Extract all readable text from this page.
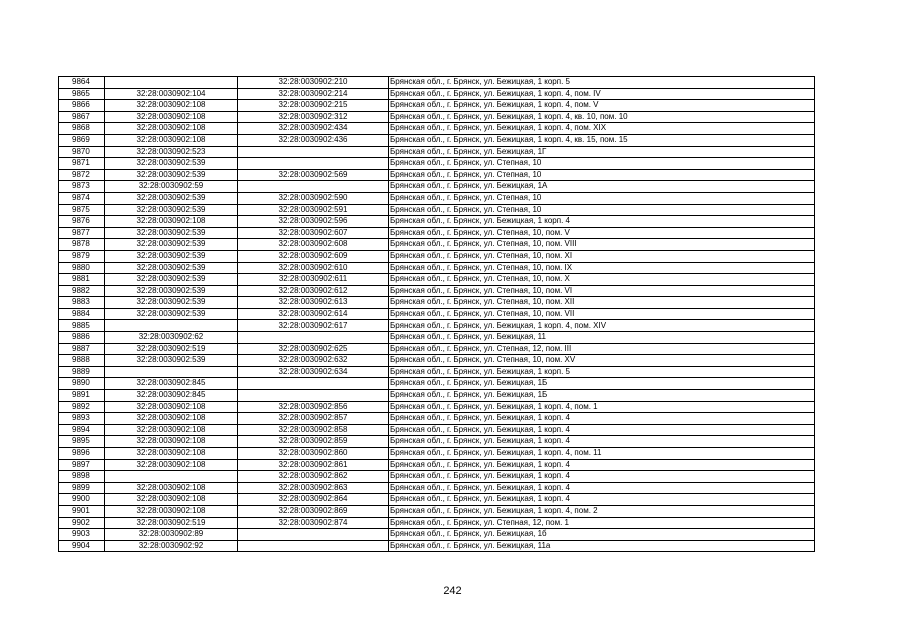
9864		32:28:0030902:210	Брянская обл., г. Брянск, ул. Бежицкая, 1 корп. 5
9865	32:28:0030902:104	32:28:0030902:214	Брянская обл., г. Брянск, ул. Бежицкая, 1 корп. 4, пом. IV
9866	32:28:0030902:108	32:28:0030902:215	Брянская обл., г. Брянск, ул. Бежицкая, 1 корп. 4, пом. V
9867	32:28:0030902:108	32:28:0030902:312	Брянская обл., г. Брянск, ул. Бежицкая, 1 корп. 4, кв. 10, пом. 10
9868	32:28:0030902:108	32:28:0030902:434	Брянская обл., г. Брянск, ул. Бежицкая, 1 корп. 4, пом. XIX
9869	32:28:0030902:108	32:28:0030902:436	Брянская обл., г. Брянск, ул. Бежицкая, 1 корп. 4, кв. 15, пом. 15
9870	32:28:0030902:523		Брянская обл., г. Брянск, ул. Бежицкая, 1Г
9871	32:28:0030902:539		Брянская обл., г. Брянск, ул. Степная, 10
9872	32:28:0030902:539	32:28:0030902:569	Брянская обл., г. Брянск, ул. Степная, 10
9873	32:28:0030902:59		Брянская обл., г. Брянск, ул. Бежицкая, 1А
9874	32:28:0030902:539	32:28:0030902:590	Брянская обл., г. Брянск, ул. Степная, 10
9875	32:28:0030902:539	32:28:0030902:591	Брянская обл., г. Брянск, ул. Степная, 10
9876	32:28:0030902:108	32:28:0030902:596	Брянская обл., г. Брянск, ул. Бежицкая, 1 корп. 4
9877	32:28:0030902:539	32:28:0030902:607	Брянская обл., г. Брянск, ул. Степная, 10, пом. V
9878	32:28:0030902:539	32:28:0030902:608	Брянская обл., г. Брянск, ул. Степная, 10, пом. VIII
9879	32:28:0030902:539	32:28:0030902:609	Брянская обл., г. Брянск, ул. Степная, 10, пом. XI
9880	32:28:0030902:539	32:28:0030902:610	Брянская обл., г. Брянск, ул. Степная, 10, пом. IX
9881	32:28:0030902:539	32:28:0030902:611	Брянская обл., г. Брянск, ул. Степная, 10, пом. X
9882	32:28:0030902:539	32:28:0030902:612	Брянская обл., г. Брянск, ул. Степная, 10, пом. VI
9883	32:28:0030902:539	32:28:0030902:613	Брянская обл., г. Брянск, ул. Степная, 10, пом. XII
9884	32:28:0030902:539	32:28:0030902:614	Брянская обл., г. Брянск, ул. Степная, 10, пом. VII
9885		32:28:0030902:617	Брянская обл., г. Брянск, ул. Бежицкая, 1 корп. 4, пом. XIV
9886	32:28:0030902:62		Брянская обл., г. Брянск, ул. Бежицкая, 11
9887	32:28:0030902:519	32:28:0030902:625	Брянская обл., г. Брянск, ул. Степная, 12, пом. III
9888	32:28:0030902:539	32:28:0030902:632	Брянская обл., г. Брянск, ул. Степная, 10, пом. XV
9889		32:28:0030902:634	Брянская обл., г. Брянск, ул. Бежицкая, 1 корп. 5
9890	32:28:0030902:845		Брянская обл., г. Брянск, ул. Бежицкая, 1Б
9891	32:28:0030902:845		Брянская обл., г. Брянск, ул. Бежицкая, 1Б
9892	32:28:0030902:108	32:28:0030902:856	Брянская обл., г. Брянск, ул. Бежицкая, 1 корп. 4, пом. 1
9893	32:28:0030902:108	32:28:0030902:857	Брянская обл., г. Брянск, ул. Бежицкая, 1 корп. 4
9894	32:28:0030902:108	32:28:0030902:858	Брянская обл., г. Брянск, ул. Бежицкая, 1 корп. 4
9895	32:28:0030902:108	32:28:0030902:859	Брянская обл., г. Брянск, ул. Бежицкая, 1 корп. 4
9896	32:28:0030902:108	32:28:0030902:860	Брянская обл., г. Брянск, ул. Бежицкая, 1 корп. 4, пом. 11
9897	32:28:0030902:108	32:28:0030902:861	Брянская обл., г. Брянск, ул. Бежицкая, 1 корп. 4
9898		32:28:0030902:862	Брянская обл., г. Брянск, ул. Бежицкая, 1 корп. 4
9899	32:28:0030902:108	32:28:0030902:863	Брянская обл., г. Брянск, ул. Бежицкая, 1 корп. 4
9900	32:28:0030902:108	32:28:0030902:864	Брянская обл., г. Брянск, ул. Бежицкая, 1 корп. 4
9901	32:28:0030902:108	32:28:0030902:869	Брянская обл., г. Брянск, ул. Бежицкая, 1 корп. 4, пом. 2
9902	32:28:0030902:519	32:28:0030902:874	Брянская обл., г. Брянск, ул. Степная, 12, пом. 1
9903	32:28:0030902:89		Брянская обл., г. Брянск, ул. Бежицкая, 1б
9904	32:28:0030902:92		Брянская обл., г. Брянск, ул. Бежицкая, 11а
242
